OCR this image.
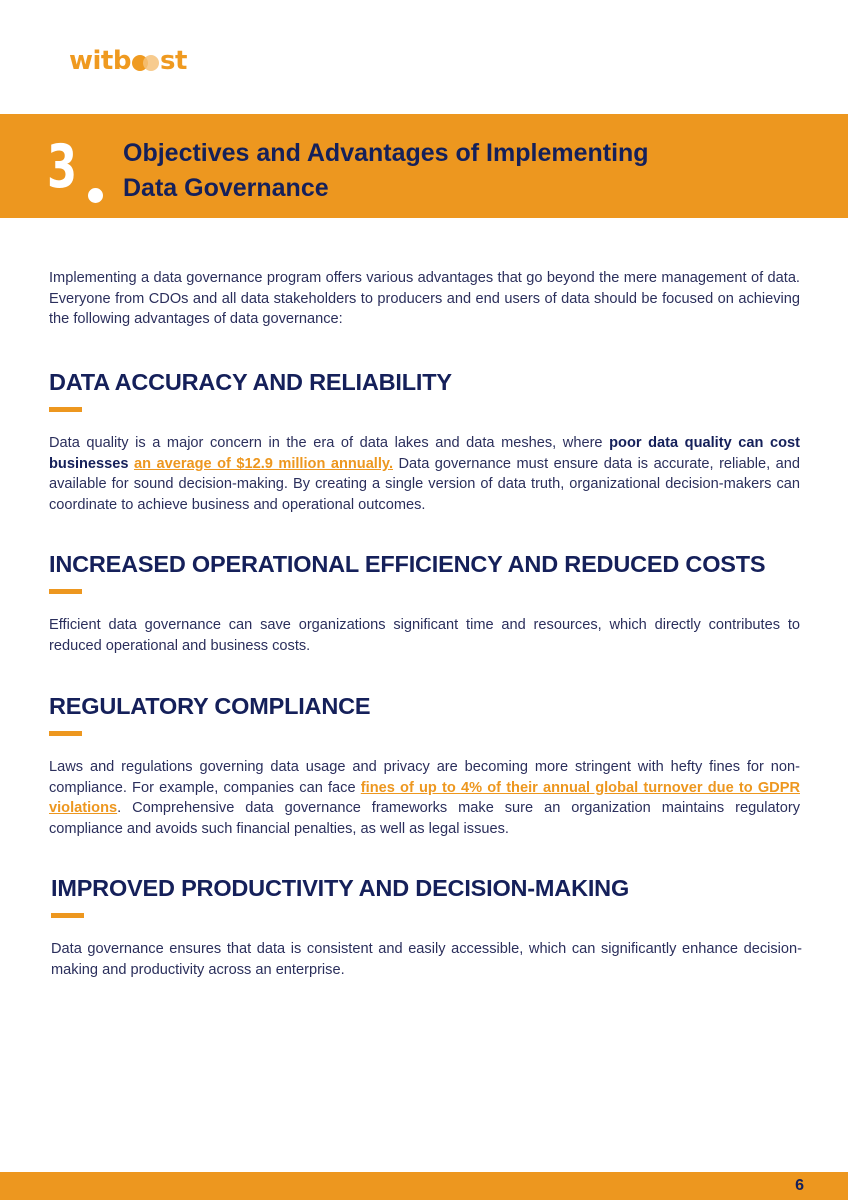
witb st
3 Objectives and Advantages of Implementing
Data Governance

Implementing a data governance program offers various advantages that go beyond the mere management of data. Everyone from CDOs and all data stakeholders to producers and end users of data should be focused on achieving the following advantages of data governance:

DATA ACCURACY AND RELIABILITY

Data quality is a major concern in the era of data lakes and data meshes, where poor data quality can cost businesses an average of $12.9 million annually. Data governance must ensure data is accurate, reliable, and available for sound decision-making. By creating a single version of data truth, organizational decision-makers can coordinate to achieve business and operational outcomes.

INCREASED OPERATIONAL EFFICIENCY AND REDUCED COSTS

Efficient data governance can save organizations significant time and resources, which directly contributes to reduced operational and business costs.

REGULATORY COMPLIANCE

Laws and regulations governing data usage and privacy are becoming more stringent with hefty fines for non-compliance. For example, companies can face fines of up to 4% of their annual global turnover due to GDPR violations. Comprehensive data governance frameworks make sure an organization maintains regulatory compliance and avoids such financial penalties, as well as legal issues.

IMPROVED PRODUCTIVITY AND DECISION-MAKING

Data governance ensures that data is consistent and easily accessible, which can significantly enhance decision-making and productivity across an enterprise.

6
